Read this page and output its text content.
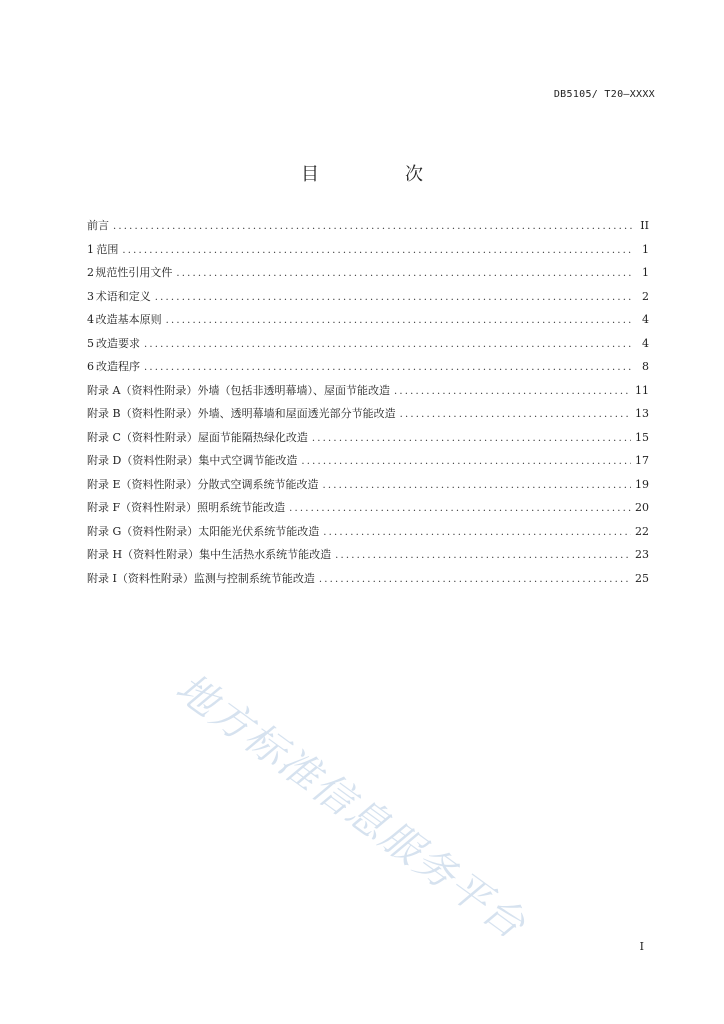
DB5105/ T20—XXXX
目　次
前言 .....	II
1 范围 .....	1
2 规范性引用文件 .....	1
3 术语和定义 .....	2
4 改造基本原则 .....	4
5 改造要求 .....	4
6 改造程序 .....	8
附录 A（资料性附录） 外墙（包括非透明幕墙）、屋面节能改造 .....	11
附录 B（资料性附录） 外墙、透明幕墙和屋面透光部分节能改造 .....	13
附录 C（资料性附录） 屋面节能隔热绿化改造 .....	15
附录 D（资料性附录） 集中式空调节能改造 .....	17
附录 E（资料性附录） 分散式空调系统节能改造 .....	19
附录 F（资料性附录） 照明系统节能改造 .....	20
附录 G（资料性附录） 太阳能光伏系统节能改造 .....	22
附录 H（资料性附录） 集中生活热水系统节能改造 .....	23
附录 I（资料性附录） 监测与控制系统节能改造 .....	25
地方标准信息服务平台	I
